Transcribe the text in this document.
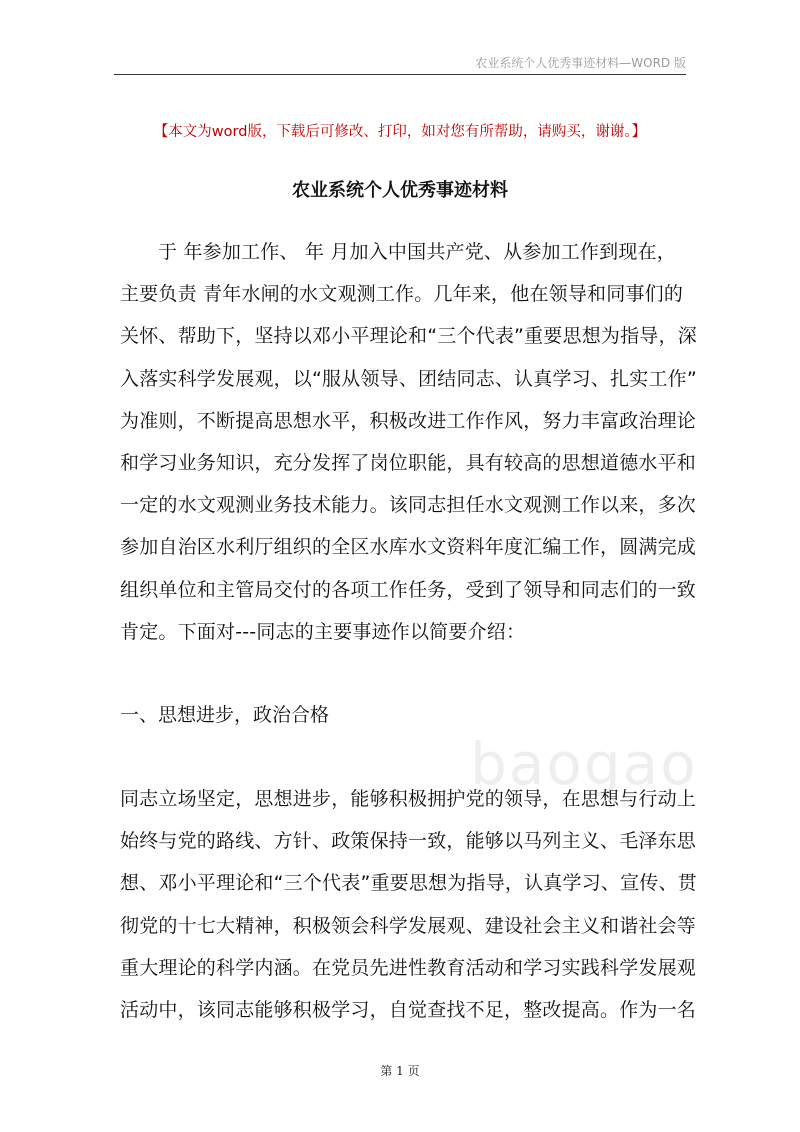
农业系统个人优秀事迹材料—WORD 版
【本文为word版，下载后可修改、打印，如对您有所帮助，请购买，谢谢。】
农业系统个人优秀事迹材料
于 年参加工作、 年 月加入中国共产党、从参加工作到现在，
主要负责 青年水闸的水文观测工作。几年来，他在领导和同事们的
关怀、帮助下，坚持以邓小平理论和“三个代表”重要思想为指导，深
入落实科学发展观，以“服从领导、团结同志、认真学习、扎实工作”
为准则，不断提高思想水平，积极改进工作作风，努力丰富政治理论
和学习业务知识，充分发挥了岗位职能，具有较高的思想道德水平和
一定的水文观测业务技术能力。该同志担任水文观测工作以来，多次
参加自治区水利厅组织的全区水库水文资料年度汇编工作，圆满完成
组织单位和主管局交付的各项工作任务，受到了领导和同志们的一致
肯定。下面对---同志的主要事迹作以简要介绍：
一、思想进步，政治合格
baogao
同志立场坚定，思想进步，能够积极拥护党的领导，在思想与行动上
始终与党的路线、方针、政策保持一致，能够以马列主义、毛泽东思
想、邓小平理论和“三个代表”重要思想为指导，认真学习、宣传、贯
彻党的十七大精神，积极领会科学发展观、建设社会主义和谐社会等
重大理论的科学内涵。在党员先进性教育活动和学习实践科学发展观
活动中，该同志能够积极学习，自觉查找不足，整改提高。作为一名
第 1 页
